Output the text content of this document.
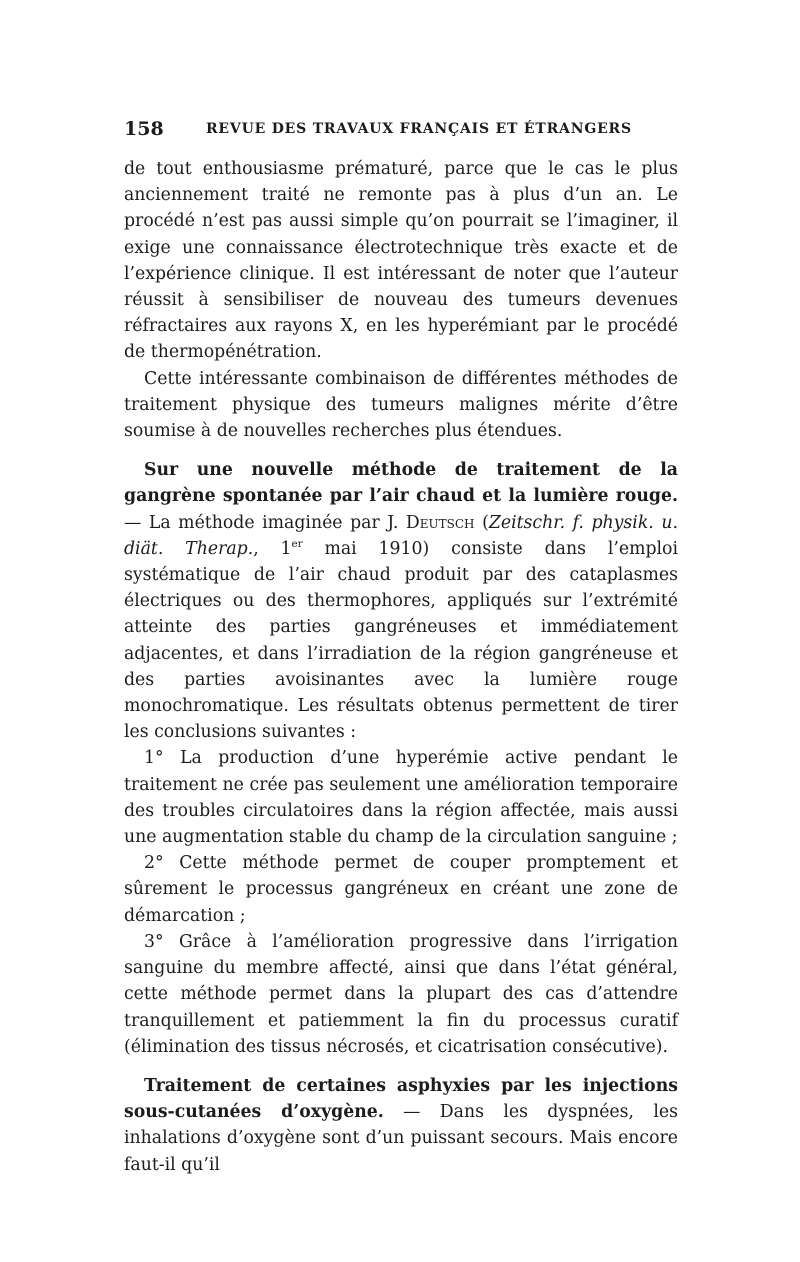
158	REVUE DES TRAVAUX FRANÇAIS ET ÉTRANGERS

de tout enthousiasme prématuré, parce que le cas le plus anciennement traité ne remonte pas à plus d’un an. Le procédé n’est pas aussi simple qu’on pourrait se l’imaginer, il exige une connaissance électrotechnique très exacte et de l’expérience clinique. Il est intéressant de noter que l’auteur réussit à sensibiliser de nouveau des tumeurs devenues réfractaires aux rayons X, en les hyperémiant par le procédé de thermopénétration.

Cette intéressante combinaison de différentes méthodes de traitement physique des tumeurs malignes mérite d’être soumise à de nouvelles recherches plus étendues.

Sur une nouvelle méthode de traitement de la gangrène spontanée par l’air chaud et la lumière rouge. — La méthode imaginée par J. Deutsch (Zeitschr. f. physik. u. diät. Therap., 1er mai 1910) consiste dans l’emploi systématique de l’air chaud produit par des cataplasmes électriques ou des thermophores, appliqués sur l’extrémité atteinte des parties gangréneuses et immédiatement adjacentes, et dans l’irradiation de la région gangréneuse et des parties avoisinantes avec la lumière rouge monochromatique. Les résultats obtenus permettent de tirer les conclusions suivantes :

1° La production d’une hyperémie active pendant le traitement ne crée pas seulement une amélioration temporaire des troubles circulatoires dans la région affectée, mais aussi une augmentation stable du champ de la circulation sanguine ;

2° Cette méthode permet de couper promptement et sûrement le processus gangréneux en créant une zone de démarcation ;

3° Grâce à l’amélioration progressive dans l’irrigation sanguine du membre affecté, ainsi que dans l’état général, cette méthode permet dans la plupart des cas d’attendre tranquillement et patiemment la fin du processus curatif (élimination des tissus nécrosés, et cicatrisation consécutive).

Traitement de certaines asphyxies par les injections sous-cutanées d’oxygène. — Dans les dyspnées, les inhalations d’oxygène sont d’un puissant secours. Mais encore faut-il qu’il
